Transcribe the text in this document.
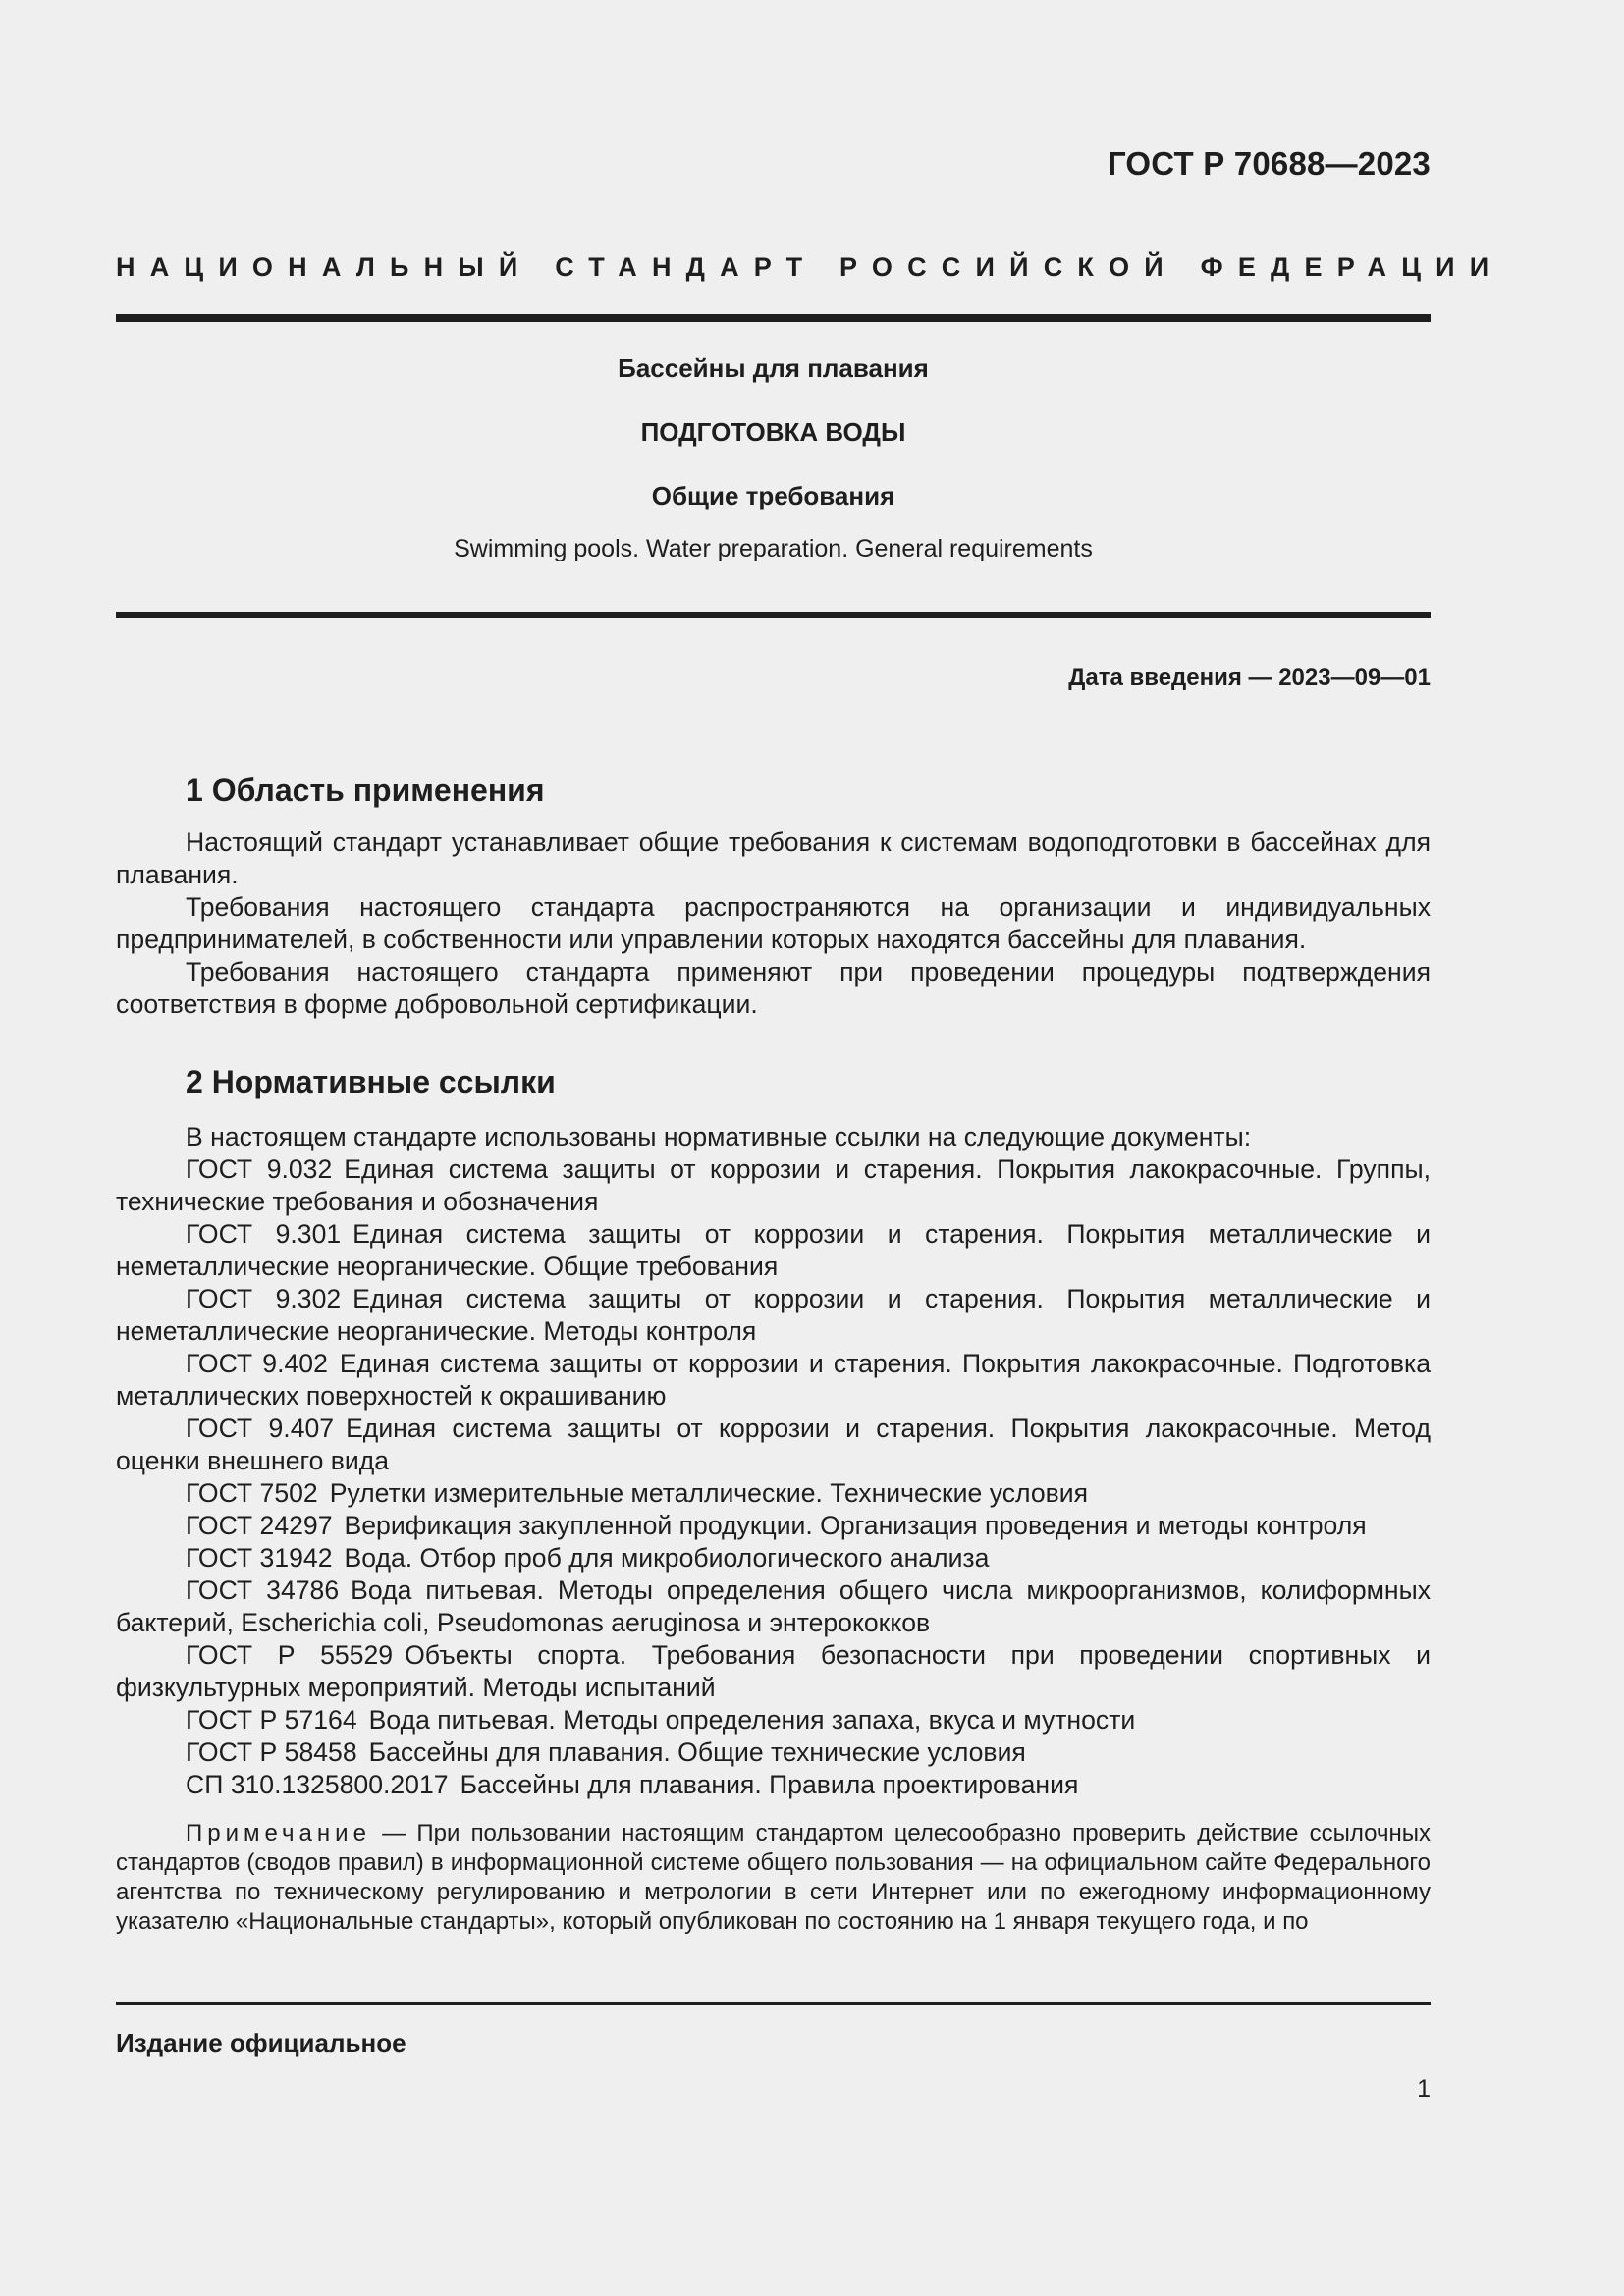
ГОСТ Р 70688—2023
НАЦИОНАЛЬНЫЙ СТАНДАРТ РОССИЙСКОЙ ФЕДЕРАЦИИ
Бассейны для плавания
ПОДГОТОВКА ВОДЫ
Общие требования
Swimming pools. Water preparation. General requirements
Дата введения — 2023—09—01
1 Область применения

Настоящий стандарт устанавливает общие требования к системам водоподготовки в бассейнах для плавания.

Требования настоящего стандарта распространяются на организации и индивидуальных предпринимателей, в собственности или управлении которых находятся бассейны для плавания.

Требования настоящего стандарта применяют при проведении процедуры подтверждения соответствия в форме добровольной сертификации.

2 Нормативные ссылки

В настоящем стандарте использованы нормативные ссылки на следующие документы:

ГОСТ 9.032 Единая система защиты от коррозии и старения. Покрытия лакокрасочные. Группы, технические требования и обозначения

ГОСТ 9.301 Единая система защиты от коррозии и старения. Покрытия металлические и неметаллические неорганические. Общие требования

ГОСТ 9.302 Единая система защиты от коррозии и старения. Покрытия металлические и неметаллические неорганические. Методы контроля

ГОСТ 9.402 Единая система защиты от коррозии и старения. Покрытия лакокрасочные. Подготовка металлических поверхностей к окрашиванию

ГОСТ 9.407 Единая система защиты от коррозии и старения. Покрытия лакокрасочные. Метод оценки внешнего вида

ГОСТ 7502 Рулетки измерительные металлические. Технические условия

ГОСТ 24297 Верификация закупленной продукции. Организация проведения и методы контроля

ГОСТ 31942 Вода. Отбор проб для микробиологического анализа

ГОСТ 34786 Вода питьевая. Методы определения общего числа микроорганизмов, колиформных бактерий, Escherichia coli, Pseudomonas aeruginosa и энтерококков

ГОСТ Р 55529 Объекты спорта. Требования безопасности при проведении спортивных и физкультурных мероприятий. Методы испытаний

ГОСТ Р 57164 Вода питьевая. Методы определения запаха, вкуса и мутности

ГОСТ Р 58458 Бассейны для плавания. Общие технические условия

СП 310.1325800.2017 Бассейны для плавания. Правила проектирования

Примечание — При пользовании настоящим стандартом целесообразно проверить действие ссылочных стандартов (сводов правил) в информационной системе общего пользования — на официальном сайте Федерального агентства по техническому регулированию и метрологии в сети Интернет или по ежегодному информационному указателю «Национальные стандарты», который опубликован по состоянию на 1 января текущего года, и по

Издание официальное
1
